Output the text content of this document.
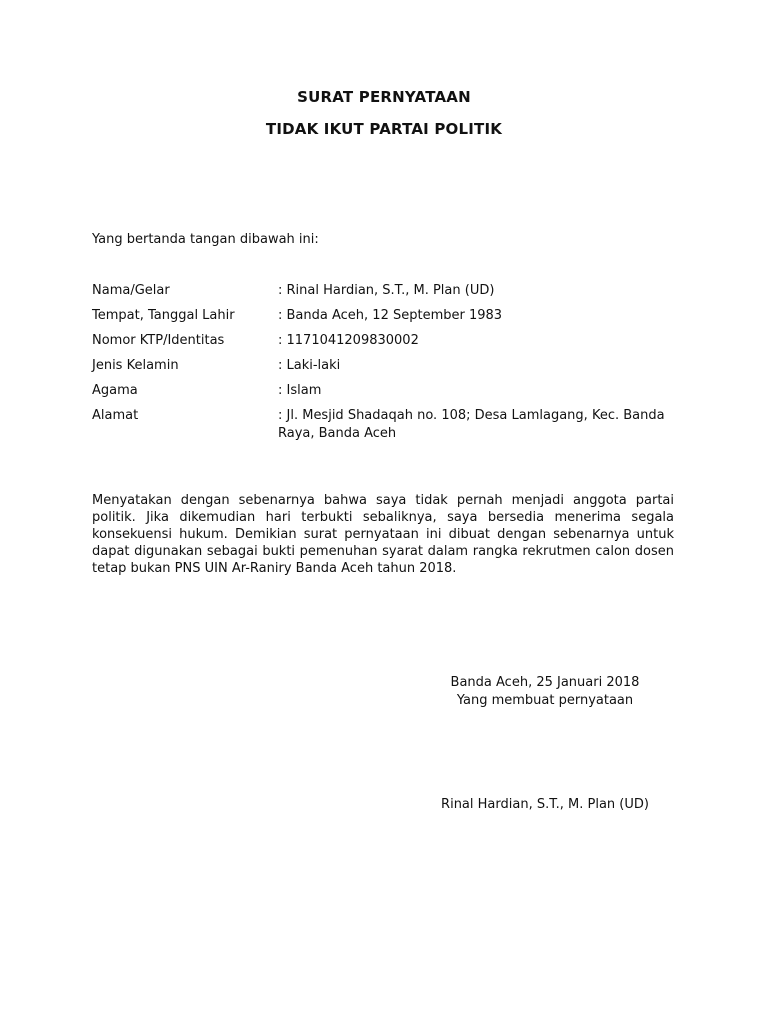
SURAT PERNYATAAN
TIDAK IKUT PARTAI POLITIK
Yang bertanda tangan dibawah ini:
Nama/Gelar	: Rinal Hardian, S.T., M. Plan (UD)
Tempat, Tanggal Lahir	: Banda Aceh, 12 September 1983
Nomor KTP/Identitas	: 1171041209830002
Jenis Kelamin	: Laki-laki
Agama	: Islam
Alamat	: Jl. Mesjid Shadaqah no. 108; Desa Lamlagang, Kec. Banda Raya, Banda Aceh
Menyatakan dengan sebenarnya bahwa saya tidak pernah menjadi anggota partai politik. Jika dikemudian hari terbukti sebaliknya, saya bersedia menerima segala konsekuensi hukum. Demikian surat pernyataan ini dibuat dengan sebenarnya untuk dapat digunakan sebagai bukti pemenuhan syarat dalam rangka rekrutmen calon dosen tetap bukan PNS UIN Ar-Raniry Banda Aceh tahun 2018.
Banda Aceh, 25 Januari 2018
Yang membuat pernyataan
Rinal Hardian, S.T., M. Plan (UD)
